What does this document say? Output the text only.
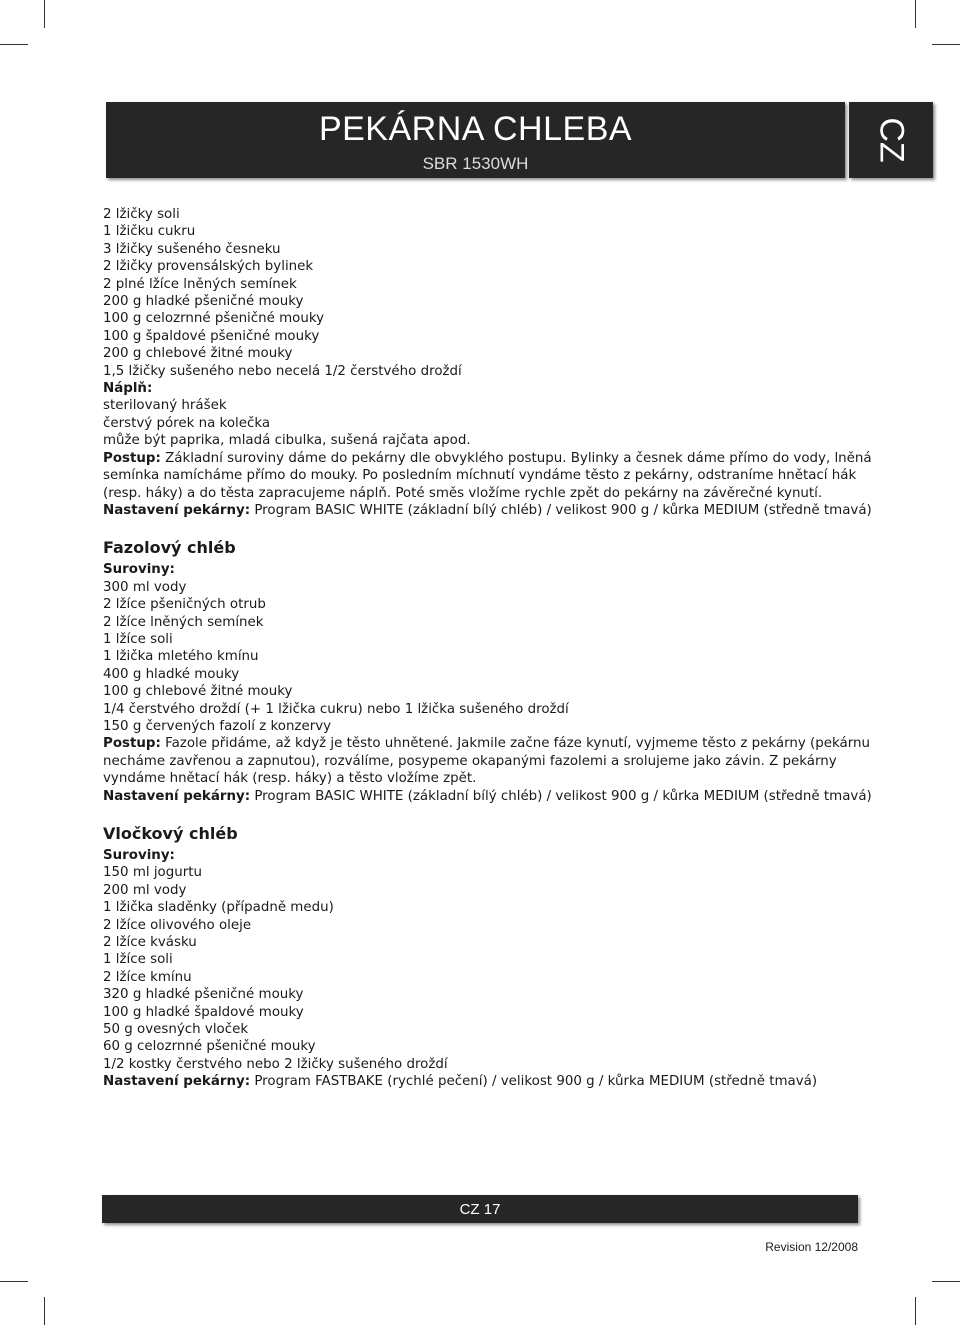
PEKÁRNA CHLEBA
SBR 1530WH
CZ
2 lžičky soli
1 lžičku cukru
3 lžičky sušeného česneku
2 lžičky provensálských bylinek
2 plné lžíce lněných semínek
200 g hladké pšeničné mouky
100 g celozrnné pšeničné mouky
100 g špaldové pšeničné mouky
200 g chlebové žitné mouky
1,5 lžičky sušeného nebo necelá 1/2 čerstvého droždí
Náplň:
sterilovaný hrášek
čerstvý pórek na kolečka
může být paprika, mladá cibulka, sušená rajčata apod.
Postup: Základní suroviny dáme do pekárny dle obvyklého postupu. Bylinky a česnek dáme přímo do vody, lněná semínka namícháme přímo do mouky. Po posledním míchnutí vyndáme těsto z pekárny, odstraníme hnětací hák (resp. háky) a do těsta zapracujeme náplň. Poté směs vložíme rychle zpět do pekárny na závěrečné kynutí.
Nastavení pekárny: Program BASIC WHITE (základní bílý chléb) / velikost 900 g / kůrka MEDIUM (středně tmavá)
Fazolový chléb
Suroviny:
300 ml vody
2 lžíce pšeničných otrub
2 lžíce lněných semínek
1 lžíce soli
1 lžička mletého kmínu
400 g hladké mouky
100 g chlebové žitné mouky
1/4 čerstvého droždí (+ 1 lžička cukru) nebo 1 lžička sušeného droždí
150 g červených fazolí z konzervy
Postup: Fazole přidáme, až když je těsto uhnětené. Jakmile začne fáze kynutí, vyjmeme těsto z pekárny (pekárnu necháme zavřenou a zapnutou), rozválíme, posypeme okapanými fazolemi a srolujeme jako závin. Z pekárny vyndáme hnětací hák (resp. háky) a těsto vložíme zpět.
Nastavení pekárny: Program BASIC WHITE (základní bílý chléb) / velikost 900 g / kůrka MEDIUM (středně tmavá)
Vločkový chléb
Suroviny:
150 ml jogurtu
200 ml vody
1 lžička sladěnky (případně medu)
2 lžíce olivového oleje
2 lžíce kvásku
1 lžíce soli
2 lžíce kmínu
320 g hladké pšeničné mouky
100 g hladké špaldové mouky
50 g ovesných vloček
60 g celozrnné pšeničné mouky
1/2 kostky čerstvého nebo 2 lžičky sušeného droždí
Nastavení pekárny: Program FASTBAKE (rychlé pečení) / velikost 900 g / kůrka MEDIUM (středně tmavá)
CZ 17
Revision 12/2008
